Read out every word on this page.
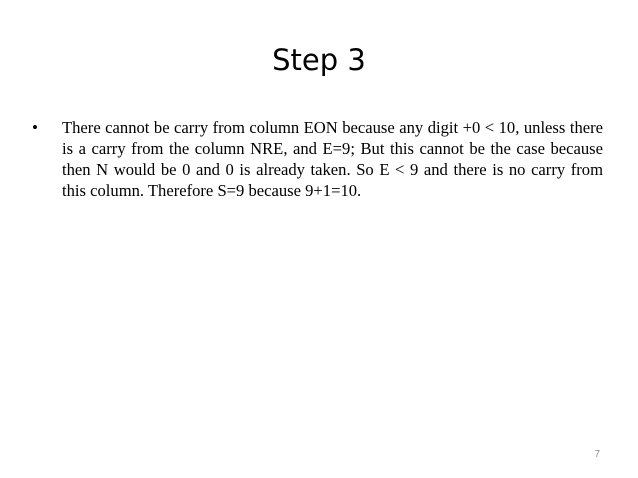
Step 3
• There cannot be carry from column EON because any digit +0 < 10, unless there is a carry from the column NRE, and E=9; But this cannot be the case because then N would be 0 and 0 is already taken. So E < 9 and there is no carry from this column. Therefore S=9 because 9+1=10.

7
